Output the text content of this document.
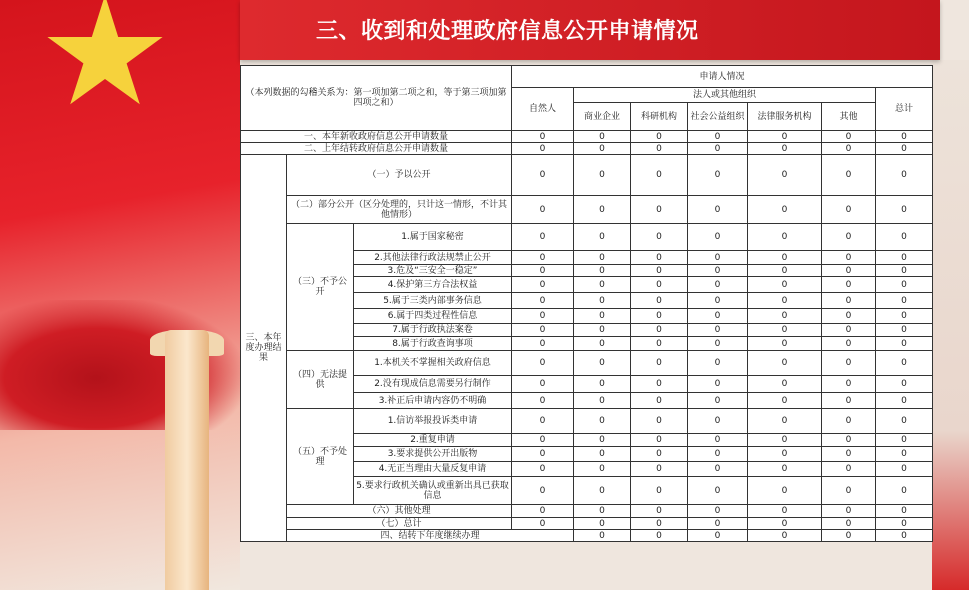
三、收到和处理政府信息公开申请情况
（本列数据的勾稽关系为：第一项加第二项之和，等于第三项加第四项之和）			申请人情况							
			自然人	法人或其他组织					总计	
				商业企业	科研机构	社会公益组织	法律服务机构	其他		
一、本年新收政府信息公开申请数量			0	0	0	0	0	0	0	
二、上年结转政府信息公开申请数量			0	0	0	0	0	0	0	
三、本年度办理结果	（一）予以公开		0	0	0	0	0	0	0	
	（二）部分公开（区分处理的，只计这一情形，不计其他情形）		0	0	0	0	0	0	0	
	（三）不予公开	1.属于国家秘密	0	0	0	0	0	0	0	
		2.其他法律行政法规禁止公开	0	0	0	0	0	0	0	
		3.危及“三安全一稳定”	0	0	0	0	0	0	0	
		4.保护第三方合法权益	0	0	0	0	0	0	0	
		5.属于三类内部事务信息	0	0	0	0	0	0	0	
		6.属于四类过程性信息	0	0	0	0	0	0	0	
		7.属于行政执法案卷	0	0	0	0	0	0	0	
		8.属于行政查询事项	0	0	0	0	0	0	0	
	（四）无法提供	1.本机关不掌握相关政府信息	0	0	0	0	0	0	0	
		2.没有现成信息需要另行制作	0	0	0	0	0	0	0	
		3.补正后申请内容仍不明确	0	0	0	0	0	0	0	
	（五）不予处理	1.信访举报投诉类申请	0	0	0	0	0	0	0	
		2.重复申请	0	0	0	0	0	0	0	
		3.要求提供公开出版物	0	0	0	0	0	0	0	
		4.无正当理由大量反复申请	0	0	0	0	0	0	0	
		5.要求行政机关确认或重新出具已获取信息	0	0	0	0	0	0	0	
	（六）其他处理		0	0	0	0	0	0	0	
	（七）总计		0	0	0	0	0	0	0	
	四、结转下年度继续办理			0	0	0	0	0	0	
